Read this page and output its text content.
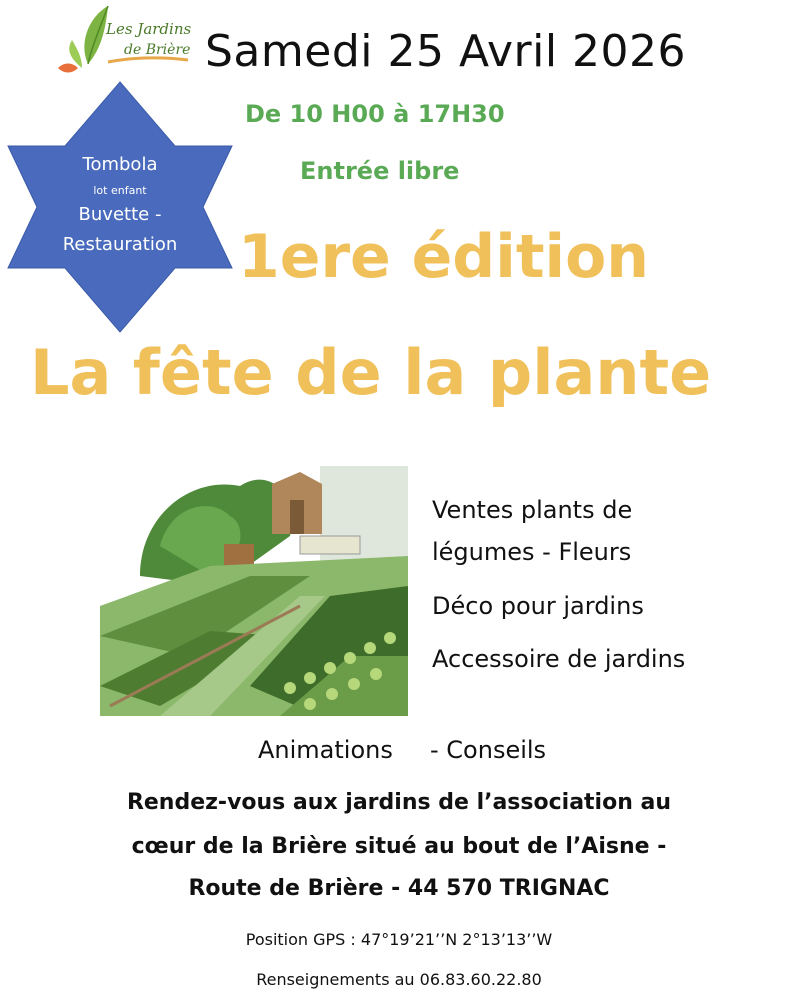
Les Jardins
de Brière Samedi 25 Avril 2026
De 10 H00 à 17H30
Entrée libre
Tombola
lot enfant
Buvette -
Restauration	1ere édition
La fête de la plante
Ventes plants de
légumes - Fleurs
Déco pour jardins
Accessoire de jardins
Animations - Conseils
Rendez-vous aux jardins de l’association au
cœur de la Brière situé au bout de l’Aisne -
Route de Brière - 44 570 TRIGNAC
Position GPS : 47°19’21’’N 2°13’13’’W
Renseignements au 06.83.60.22.80
